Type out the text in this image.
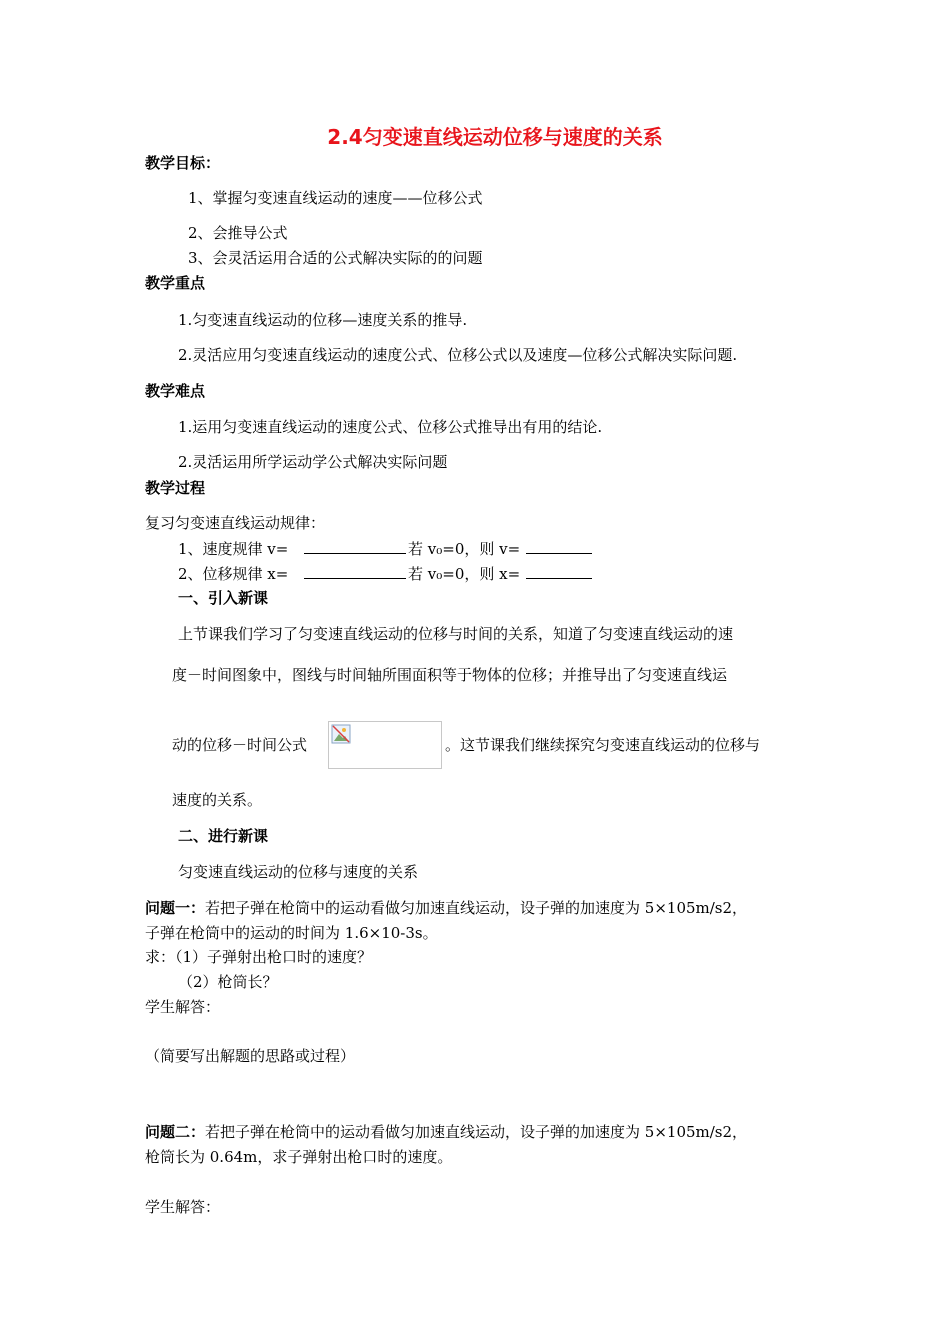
2.4匀变速直线运动位移与速度的关系
教学目标：
1、掌握匀变速直线运动的速度——位移公式
2、会推导公式
3、会灵活运用合适的公式解决实际的的问题
教学重点
1.匀变速直线运动的位移—速度关系的推导.
2.灵活应用匀变速直线运动的速度公式、位移公式以及速度—位移公式解决实际问题.
教学难点
1.运用匀变速直线运动的速度公式、位移公式推导出有用的结论.
2.灵活运用所学运动学公式解决实际问题
教学过程
复习匀变速直线运动规律：
1、速度规律 v=	若 v₀=0，则 v=
2、位移规律 x=	若 v₀=0，则 x=
一、引入新课
上节课我们学习了匀变速直线运动的位移与时间的关系，知道了匀变速直线运动的速
度－时间图象中，图线与时间轴所围面积等于物体的位移；并推导出了匀变速直线运
动的位移－时间公式	。这节课我们继续探究匀变速直线运动的位移与
速度的关系。
二、进行新课
匀变速直线运动的位移与速度的关系
问题一：若把子弹在枪筒中的运动看做匀加速直线运动，设子弹的加速度为 5×105m/s2，
子弹在枪筒中的运动的时间为 1.6×10-3s。
求：（1）子弹射出枪口时的速度？
（2）枪筒长？
学生解答：
（简要写出解题的思路或过程）
问题二：若把子弹在枪筒中的运动看做匀加速直线运动，设子弹的加速度为 5×105m/s2，
枪筒长为 0.64m，求子弹射出枪口时的速度。
学生解答：
